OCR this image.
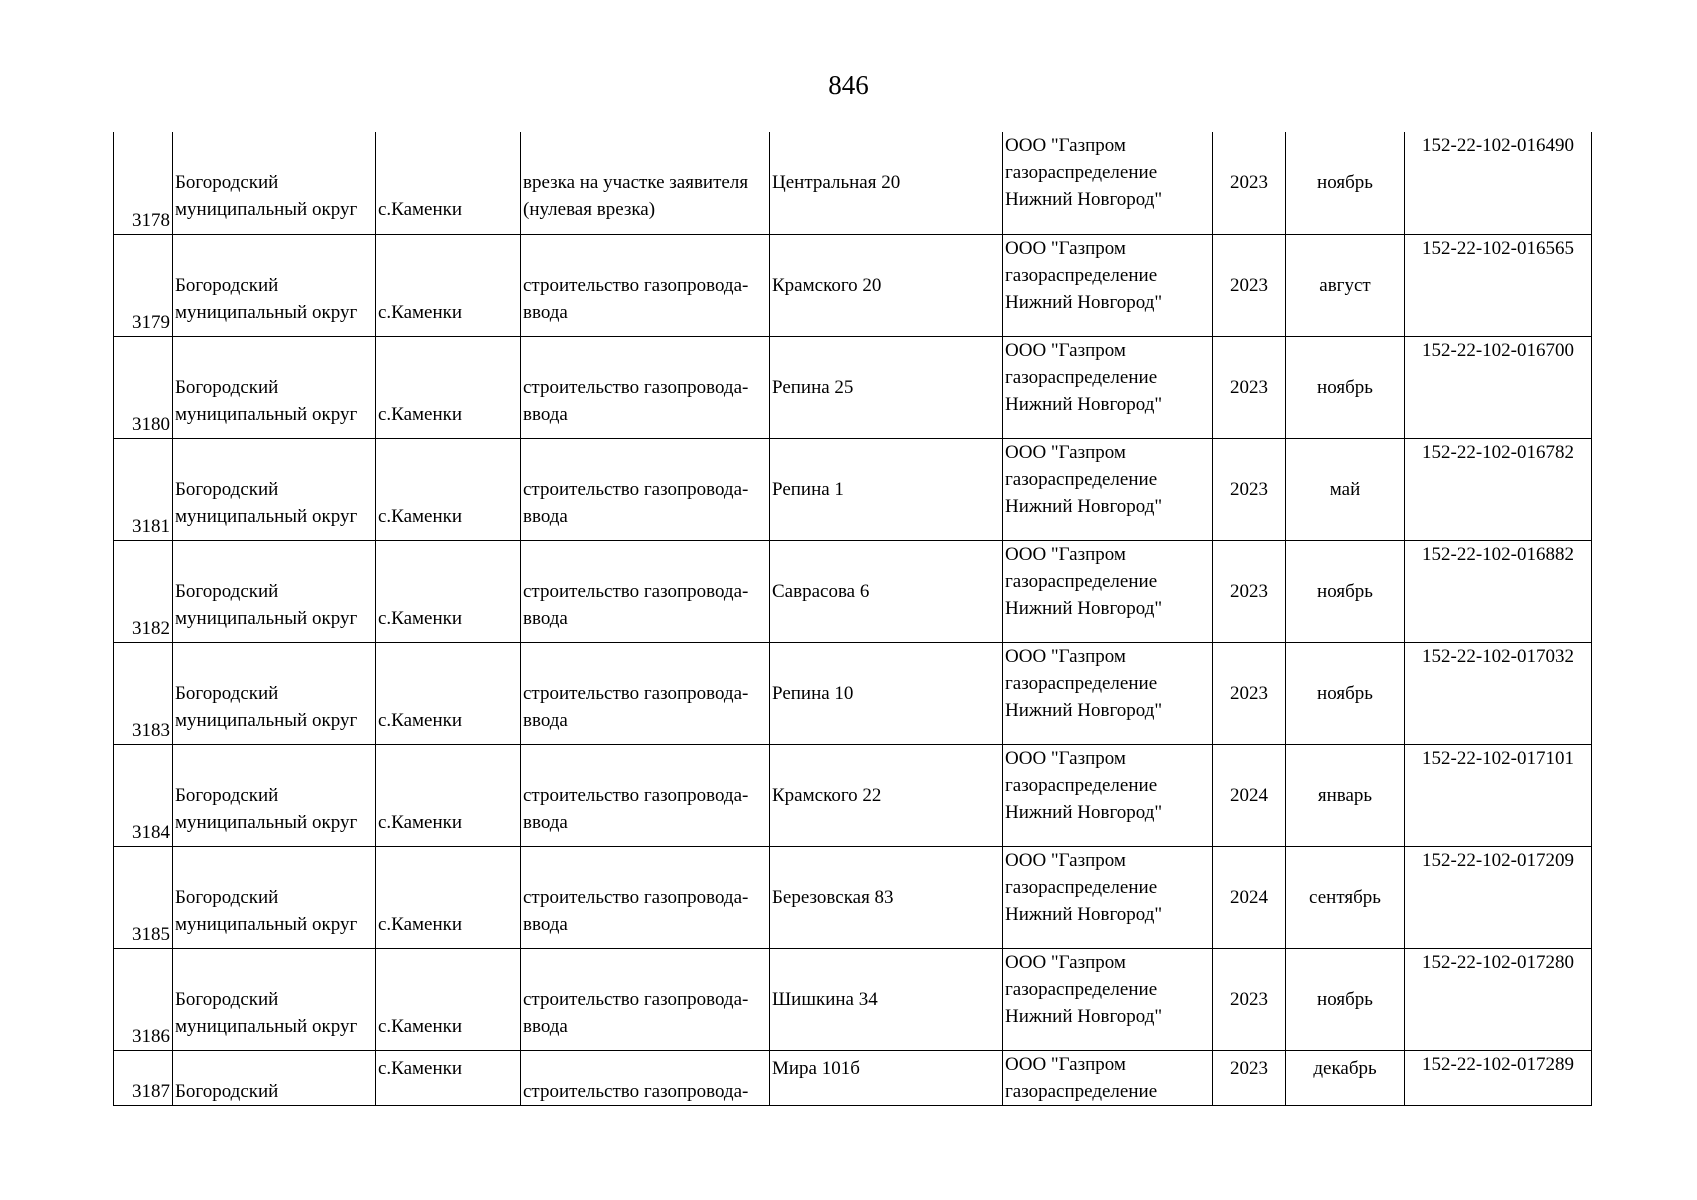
846
3178	Богородский
муниципальный округ	с.Каменки	врезка на участке заявителя
(нулевая врезка)	Центральная 20	ООО "Газпром
газораспределение
Нижний Новгород"	2023	ноябрь	152-22-102-016490

3179	Богородский
муниципальный округ	с.Каменки	строительство газопровода-
ввода	Крамского 20	ООО "Газпром
газораспределение
Нижний Новгород"	2023	август	152-22-102-016565

3180	Богородский
муниципальный округ	с.Каменки	строительство газопровода-
ввода	Репина 25	ООО "Газпром
газораспределение
Нижний Новгород"	2023	ноябрь	152-22-102-016700

3181	Богородский
муниципальный округ	с.Каменки	строительство газопровода-
ввода	Репина 1	ООО "Газпром
газораспределение
Нижний Новгород"	2023	май	152-22-102-016782

3182	Богородский
муниципальный округ	с.Каменки	строительство газопровода-
ввода	Саврасова 6	ООО "Газпром
газораспределение
Нижний Новгород"	2023	ноябрь	152-22-102-016882

3183	Богородский
муниципальный округ	с.Каменки	строительство газопровода-
ввода	Репина 10	ООО "Газпром
газораспределение
Нижний Новгород"	2023	ноябрь	152-22-102-017032

3184	Богородский
муниципальный округ	с.Каменки	строительство газопровода-
ввода	Крамского 22	ООО "Газпром
газораспределение
Нижний Новгород"	2024	январь	152-22-102-017101

3185	Богородский
муниципальный округ	с.Каменки	строительство газопровода-
ввода	Березовская 83	ООО "Газпром
газораспределение
Нижний Новгород"	2024	сентябрь	152-22-102-017209

3186	Богородский
муниципальный округ	с.Каменки	строительство газопровода-
ввода	Шишкина 34	ООО "Газпром
газораспределение
Нижний Новгород"	2023	ноябрь	152-22-102-017280

3187	Богородский	с.Каменки	строительство газопровода-	Мира 101б	ООО "Газпром
газораспределение	2023	декабрь	152-22-102-017289
